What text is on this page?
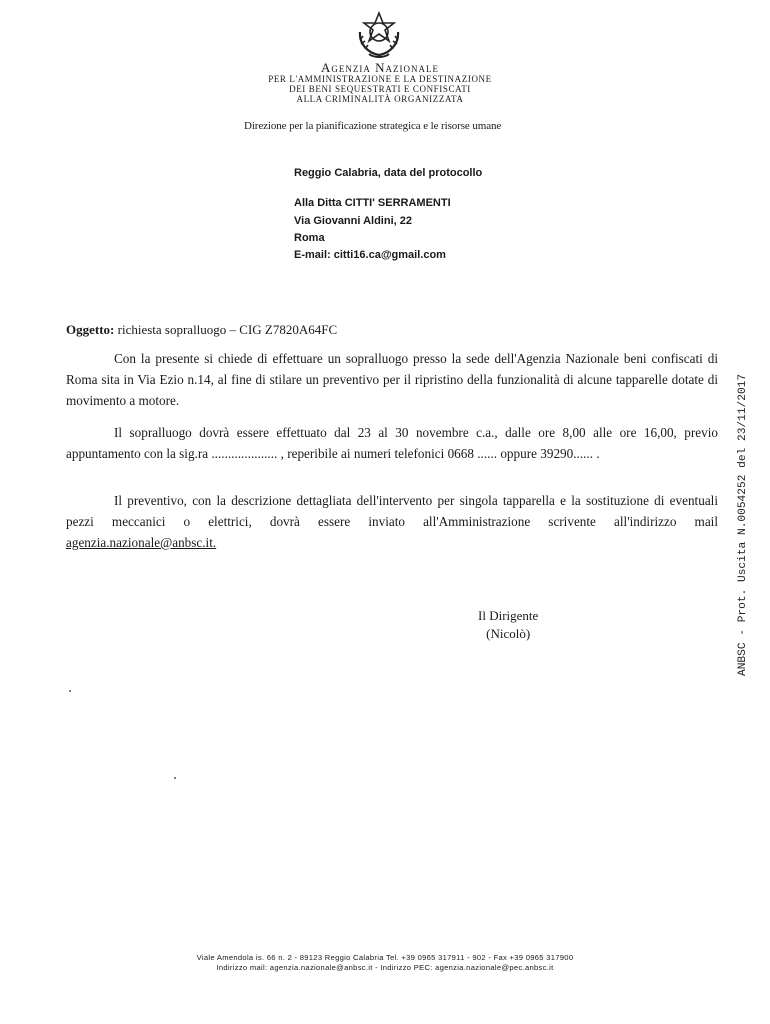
Agenzia Nazionale
PER L'AMMINISTRAZIONE E LA DESTINAZIONE
DEI BENI SEQUESTRATI E CONFISCATI
ALLA CRIMINALITÀ ORGANIZZATA
Direzione per la pianificazione strategica e le risorse umane
Reggio Calabria, data del protocollo
Alla Ditta CITTI' SERRAMENTI
Via Giovanni Aldini, 22
Roma
E-mail: citti16.ca@gmail.com
Oggetto: richiesta sopralluogo – CIG Z7820A64FC
Con la presente si chiede di effettuare un sopralluogo presso la sede dell'Agenzia Nazionale beni confiscati di Roma sita in Via Ezio n.14, al fine di stilare un preventivo per il ripristino della funzionalità di alcune tapparelle dotate di movimento a motore.
Il sopralluogo dovrà essere effettuato dal 23 al 30 novembre c.a., dalle ore 8,00 alle ore 16,00, previo appuntamento con la sig.ra .................... , reperibile ai numeri telefonici 0668 ...... oppure 39290...... .
Il preventivo, con la descrizione dettagliata dell'intervento per singola tapparella e la sostituzione di eventuali pezzi meccanici o elettrici, dovrà essere inviato all'Amministrazione scrivente all'indirizzo mail agenzia.nazionale@anbsc.it.
Il Dirigente
(Nicolò)	ANBSC - Prot. Uscita N.0054252 del 23/11/2017
Viale Amendola is. 66 n. 2 - 89123 Reggio Calabria Tel. +39 0965 317911 - 902 - Fax +39 0965 317900
Indirizzo mail: agenzia.nazionale@anbsc.it - Indirizzo PEC: agenzia.nazionale@pec.anbsc.it
